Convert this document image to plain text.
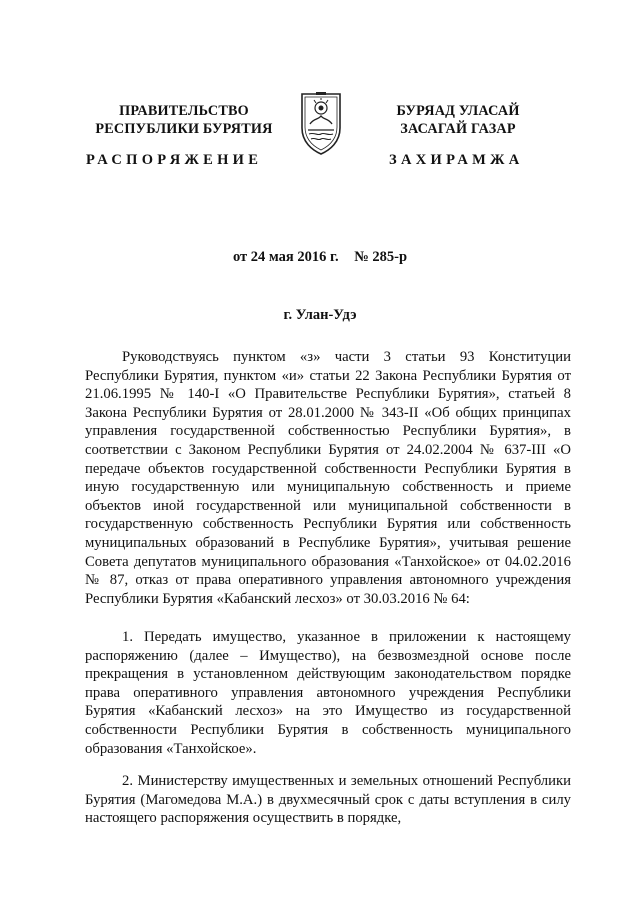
ПРАВИТЕЛЬСТВО
РЕСПУБЛИКИ БУРЯТИЯ
РАСПОРЯЖЕНИЕ
БУРЯАД УЛАСАЙ
ЗАСАГАЙ ГАЗАР
ЗАХИРАМЖА
от 24 мая 2016 г. № 285-р
г. Улан-Удэ

Руководствуясь пунктом «з» части 3 статьи 93 Конституции Республики Бурятия, пунктом «и» статьи 22 Закона Республики Бурятия от 21.06.1995 № 140-I «О Правительстве Республики Бурятия», статьей 8 Закона Республики Бурятия от 28.01.2000 № 343-II «Об общих принципах управления государственной собственностью Республики Бурятия», в соответствии с Законом Республики Бурятия от 24.02.2004 № 637-III «О передаче объектов государственной собственности Республики Бурятия в иную государственную или муниципальную собственность и приеме объектов иной государственной или муниципальной собственности в государственную собственность Республики Бурятия или собственность муниципальных образований в Республике Бурятия», учитывая решение Совета депутатов муниципального образования «Танхойское» от 04.02.2016 № 87, отказ от права оперативного управления автономного учреждения Республики Бурятия «Кабанский лесхоз» от 30.03.2016 № 64:

1. Передать имущество, указанное в приложении к настоящему распоряжению (далее – Имущество), на безвозмездной основе после прекращения в установленном действующим законодательством порядке права оперативного управления автономного учреждения Республики Бурятия «Кабанский лесхоз» на это Имущество из государственной собственности Республики Бурятия в собственность муниципального образования «Танхойское».

2. Министерству имущественных и земельных отношений Республики Бурятия (Магомедова М.А.) в двухмесячный срок с даты вступления в силу настоящего распоряжения осуществить в порядке,
